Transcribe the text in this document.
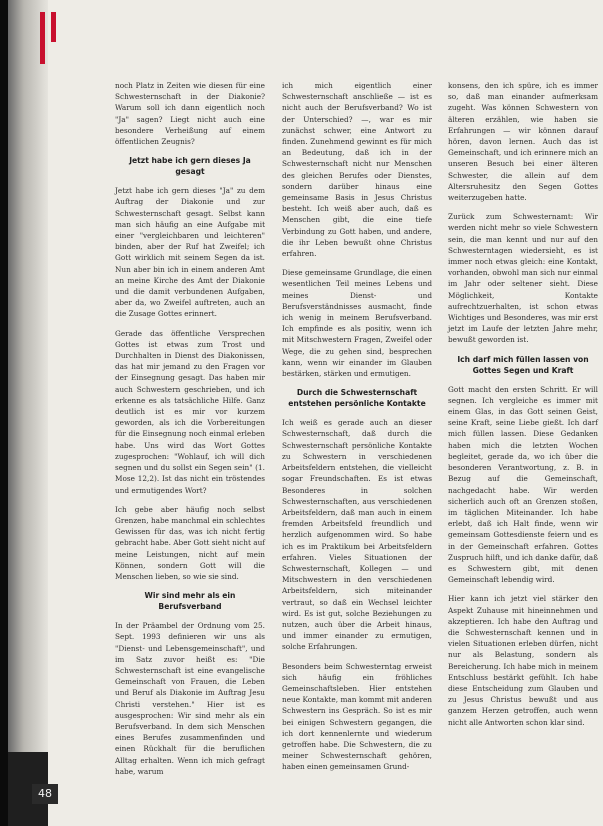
48

noch Platz in Zeiten wie diesen für eine Schwesternschaft in der Diakonie? Warum soll ich dann eigentlich noch "Ja" sagen? Liegt nicht auch eine besondere Verheißung auf einem öffentlichen Zeugnis?

Jetzt habe ich gern dieses Ja gesagt

Jetzt habe ich gern dieses "Ja" zu dem Auftrag der Diakonie und zur Schwesternschaft gesagt. Selbst kann man sich häufig an eine Aufgabe mit einer "vergleichbaren und leichteren" binden, aber der Ruf hat Zweifel; ich Gott wirklich mit seinem Segen da ist. Nun aber bin ich in einem anderen Amt an meine Kirche des Amt der Diakonie und die damit verbundenen Aufgaben, aber da, wo Zweifel auftreten, auch an die Zusage Gottes erinnert.

Gerade das öffentliche Versprechen Gottes ist etwas zum Trost und Durchhalten in Dienst des Diakonissen, das hat mir jemand zu den Fragen vor der Einsegnung gesagt. Das haben mir auch Schwestern geschrieben, und ich erkenne es als tatsächliche Hilfe. Ganz deutlich ist es mir vor kurzem geworden, als ich die Vorbereitungen für die Einsegnung noch einmal erleben habe. Uns wird das Wort Gottes zugesprochen: "Wohlauf, ich will dich segnen und du sollst ein Segen sein" (1. Mose 12,2). Ist das nicht ein tröstendes und ermutigendes Wort?

Ich gebe aber häufig noch selbst Grenzen, habe manchmal ein schlechtes Gewissen für das, was ich nicht fertig gebracht habe. Aber Gott sieht nicht auf meine Leistungen, nicht auf mein Können, sondern Gott will die Menschen lieben, so wie sie sind.

Wir sind mehr als ein Berufsverband

In der Präambel der Ordnung vom 25. Sept. 1993 definieren wir uns als "Dienst- und Lebensgemeinschaft", und im Satz zuvor heißt es: "Die Schwesternschaft ist eine evangelische Gemeinschaft von Frauen, die Leben und Beruf als Diakonie im Auftrag Jesu Christi verstehen." Hier ist es ausgesprochen: Wir sind mehr als ein Berufsverband. In dem sich Menschen eines Berufes zusammenfinden und einen Rückhalt für die beruflichen Alltag erhalten. Wenn ich mich gefragt habe, warum

ich mich eigentlich einer Schwesternschaft anschließe — ist es nicht auch der Berufsverband? Wo ist der Unterschied? —, war es mir zunächst schwer, eine Antwort zu finden. Zunehmend gewinnt es für mich an Bedeutung, daß ich in der Schwesternschaft nicht nur Menschen des gleichen Berufes oder Dienstes, sondern darüber hinaus eine gemeinsame Basis in Jesus Christus besteht. Ich weiß aber auch, daß es Menschen gibt, die eine tiefe Verbindung zu Gott haben, und andere, die ihr Leben bewußt ohne Christus erfahren.

Diese gemeinsame Grundlage, die einen wesentlichen Teil meines Lebens und meines Dienst- und Berufsverständnisses ausmacht, finde ich wenig in meinem Berufsverband. Ich empfinde es als positiv, wenn ich mit Mitschwestern Fragen, Zweifel oder Wege, die zu gehen sind, besprechen kann, wenn wir einander im Glauben bestärken, stärken und ermutigen.

Durch die Schwesternschaft entstehen persönliche Kontakte

Ich weiß es gerade auch an dieser Schwesternschaft, daß durch die Schwesternschaft persönliche Kontakte zu Schwestern in verschiedenen Arbeitsfeldern entstehen, die vielleicht sogar Freundschaften. Es ist etwas Besonderes in solchen Schwesternschaften, aus verschiedenen Arbeitsfeldern, daß man auch in einem fremden Arbeitsfeld freundlich und herzlich aufgenommen wird. So habe ich es im Praktikum bei Arbeitsfeldern erfahren. Vieles Situationen der Schwesternschaft, Kollegen — und Mitschwestern in den verschiedenen Arbeitsfeldern, sich miteinander vertraut, so daß ein Wechsel leichter wird. Es ist gut, solche Beziehungen zu nutzen, auch über die Arbeit hinaus, und immer einander zu ermutigen, solche Erfahrungen.

Besonders beim Schwesterntag erweist sich häufig ein fröhliches Gemeinschaftsleben. Hier entstehen neue Kontakte, man kommt mit anderen Schwestern ins Gespräch. So ist es mir bei einigen Schwestern gegangen, die ich dort kennenlernte und wiederum getroffen habe. Die Schwestern, die zu meiner Schwesternschaft gehören, haben einen gemeinsamen Grund-

konsens, den ich spüre, ich es immer so, daß man einander aufmerksam zugeht. Was können Schwestern von älteren erzählen, wie haben sie Erfahrungen — wir können darauf hören, davon lernen. Auch das ist Gemeinschaft, und ich erinnere mich an unseren Besuch bei einer älteren Schwester, die allein auf dem Altersruhesitz den Segen Gottes weiterzugeben hatte.

Zurück zum Schwesternamt: Wir werden nicht mehr so viele Schwestern sein, die man kennt und nur auf den Schwesterntagen wiedersieht, es ist immer noch etwas gleich: eine Kontakt, vorhanden, obwohl man sich nur einmal im Jahr oder seltener sieht. Diese Möglichkeit, Kontakte aufrechtzuerhalten, ist schon etwas Wichtiges und Besonderes, was mir erst jetzt im Laufe der letzten Jahre mehr, bewußt geworden ist.

Ich darf mich füllen lassen von Gottes Segen und Kraft

Gott macht den ersten Schritt. Er will segnen. Ich vergleiche es immer mit einem Glas, in das Gott seinen Geist, seine Kraft, seine Liebe gießt. Ich darf mich füllen lassen. Diese Gedanken haben mich die letzten Wochen begleitet, gerade da, wo ich über die besonderen Verantwortung, z. B. in Bezug auf die Gemeinschaft, nachgedacht habe. Wir werden sicherlich auch oft an Grenzen stoßen, im täglichen Miteinander. Ich habe erlebt, daß ich Halt finde, wenn wir gemeinsam Gottesdienste feiern und es in der Gemeinschaft erfahren. Gottes Zuspruch hilft, und ich danke dafür, daß es Schwestern gibt, mit denen Gemeinschaft lebendig wird.

Hier kann ich jetzt viel stärker den Aspekt Zuhause mit hineinnehmen und akzeptieren. Ich habe den Auftrag und die Schwesternschaft kennen und in vielen Situationen erleben dürfen, nicht nur als Belastung, sondern als Bereicherung. Ich habe mich in meinem Entschluss bestärkt gefühlt. Ich habe diese Entscheidung zum Glauben und zu Jesus Christus bewußt und aus ganzem Herzen getroffen, auch wenn nicht alle Antworten schon klar sind.
